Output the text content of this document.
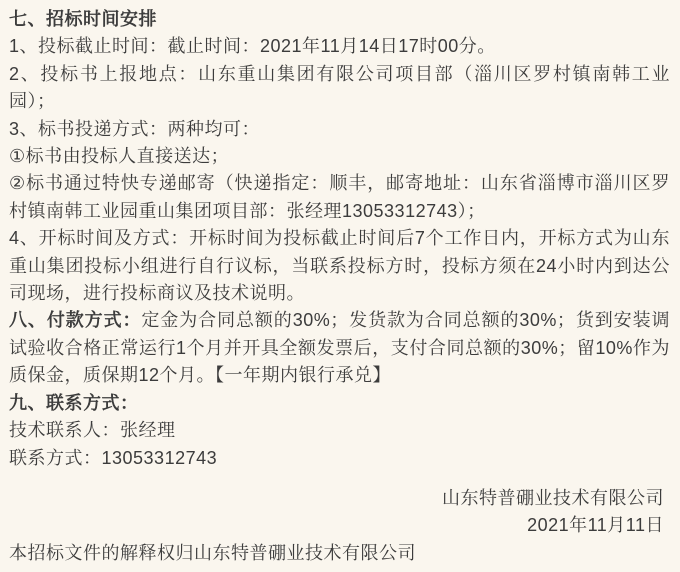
七、招标时间安排

1、投标截止时间：截止时间：2021年11月14日17时00分。

2、投标书上报地点：山东重山集团有限公司项目部（淄川区罗村镇南韩工业园）；

3、标书投递方式：两种均可：

①标书由投标人直接送达；

②标书通过特快专递邮寄（快递指定：顺丰，邮寄地址：山东省淄博市淄川区罗村镇南韩工业园重山集团项目部：张经理13053312743）；

4、开标时间及方式：开标时间为投标截止时间后7个工作日内，开标方式为山东重山集团投标小组进行自行议标，当联系投标方时，投标方须在24小时内到达公司现场，进行投标商议及技术说明。

八、付款方式：定金为合同总额的30%；发货款为合同总额的30%；货到安装调试验收合格正常运行1个月并开具全额发票后，支付合同总额的30%；留10%作为质保金，质保期12个月。【一年期内银行承兑】

九、联系方式：

技术联系人：张经理

联系方式：13053312743

山东特普硼业技术有限公司

2021年11月11日

本招标文件的解释权归山东特普硼业技术有限公司
